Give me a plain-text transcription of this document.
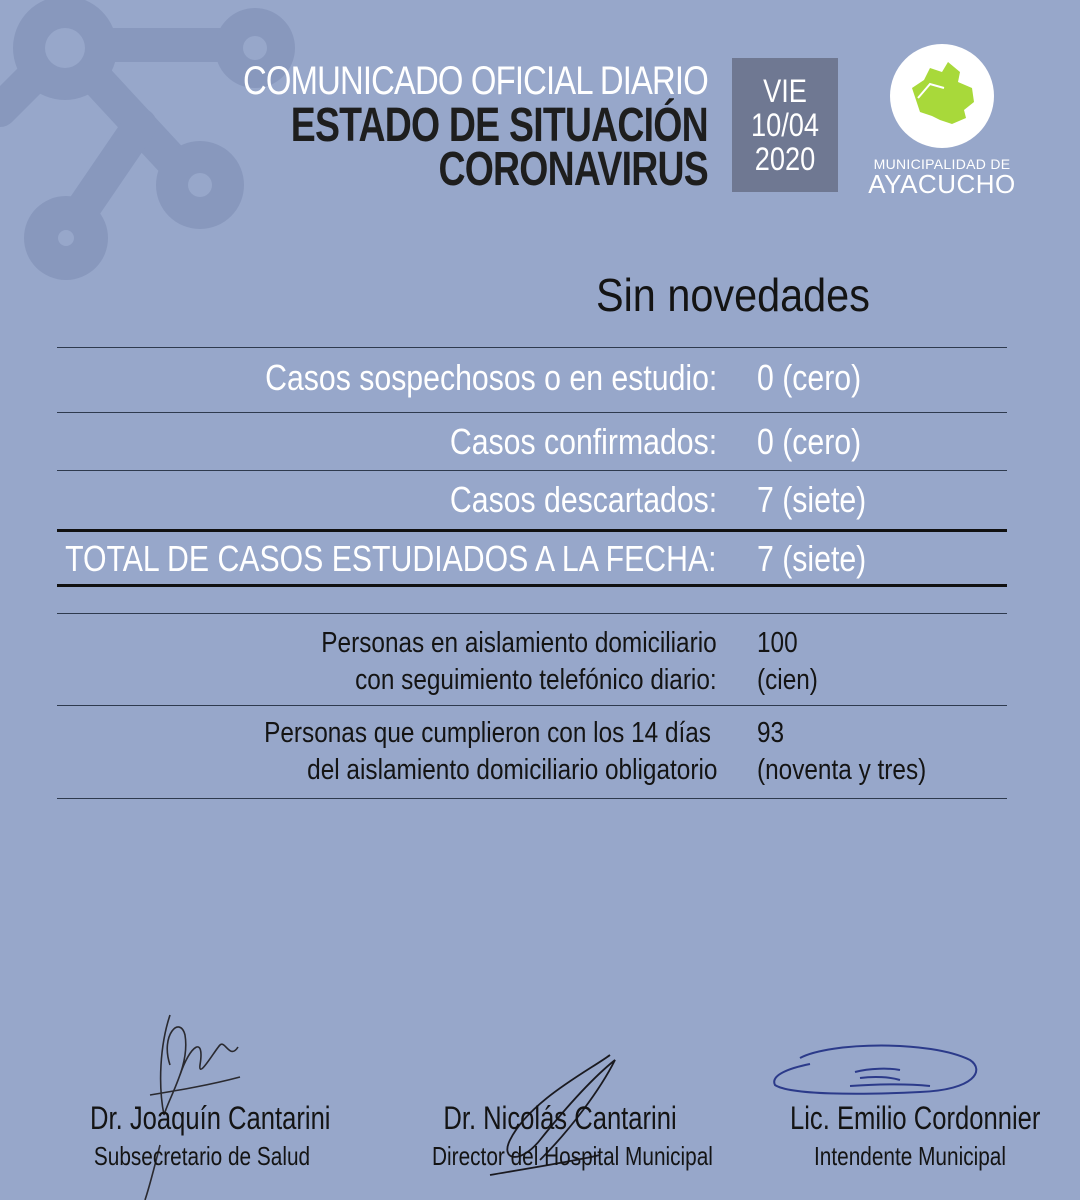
COMUNICADO OFICIAL DIARIO
ESTADO DE SITUACIÓN
CORONAVIRUS
VIE
10/04
2020	MUNICIPALIDAD DE
AYACUCHO
Sin novedades
Casos sospechosos o en estudio: 0 (cero)
Casos confirmados: 0 (cero)
Casos descartados: 7 (siete)
TOTAL DE CASOS ESTUDIADOS A LA FECHA: 7 (siete)
Personas en aislamiento domiciliario
con seguimiento telefónico diario:
100
(cien)
Personas que cumplieron con los 14 días
del aislamiento domiciliario obligatorio
93
(noventa y tres)
Dr. Joaquín Cantarini
Subsecretario de Salud
Dr. Nicolás Cantarini
Director del Hospital Municipal
Lic. Emilio Cordonnier
Intendente Municipal
